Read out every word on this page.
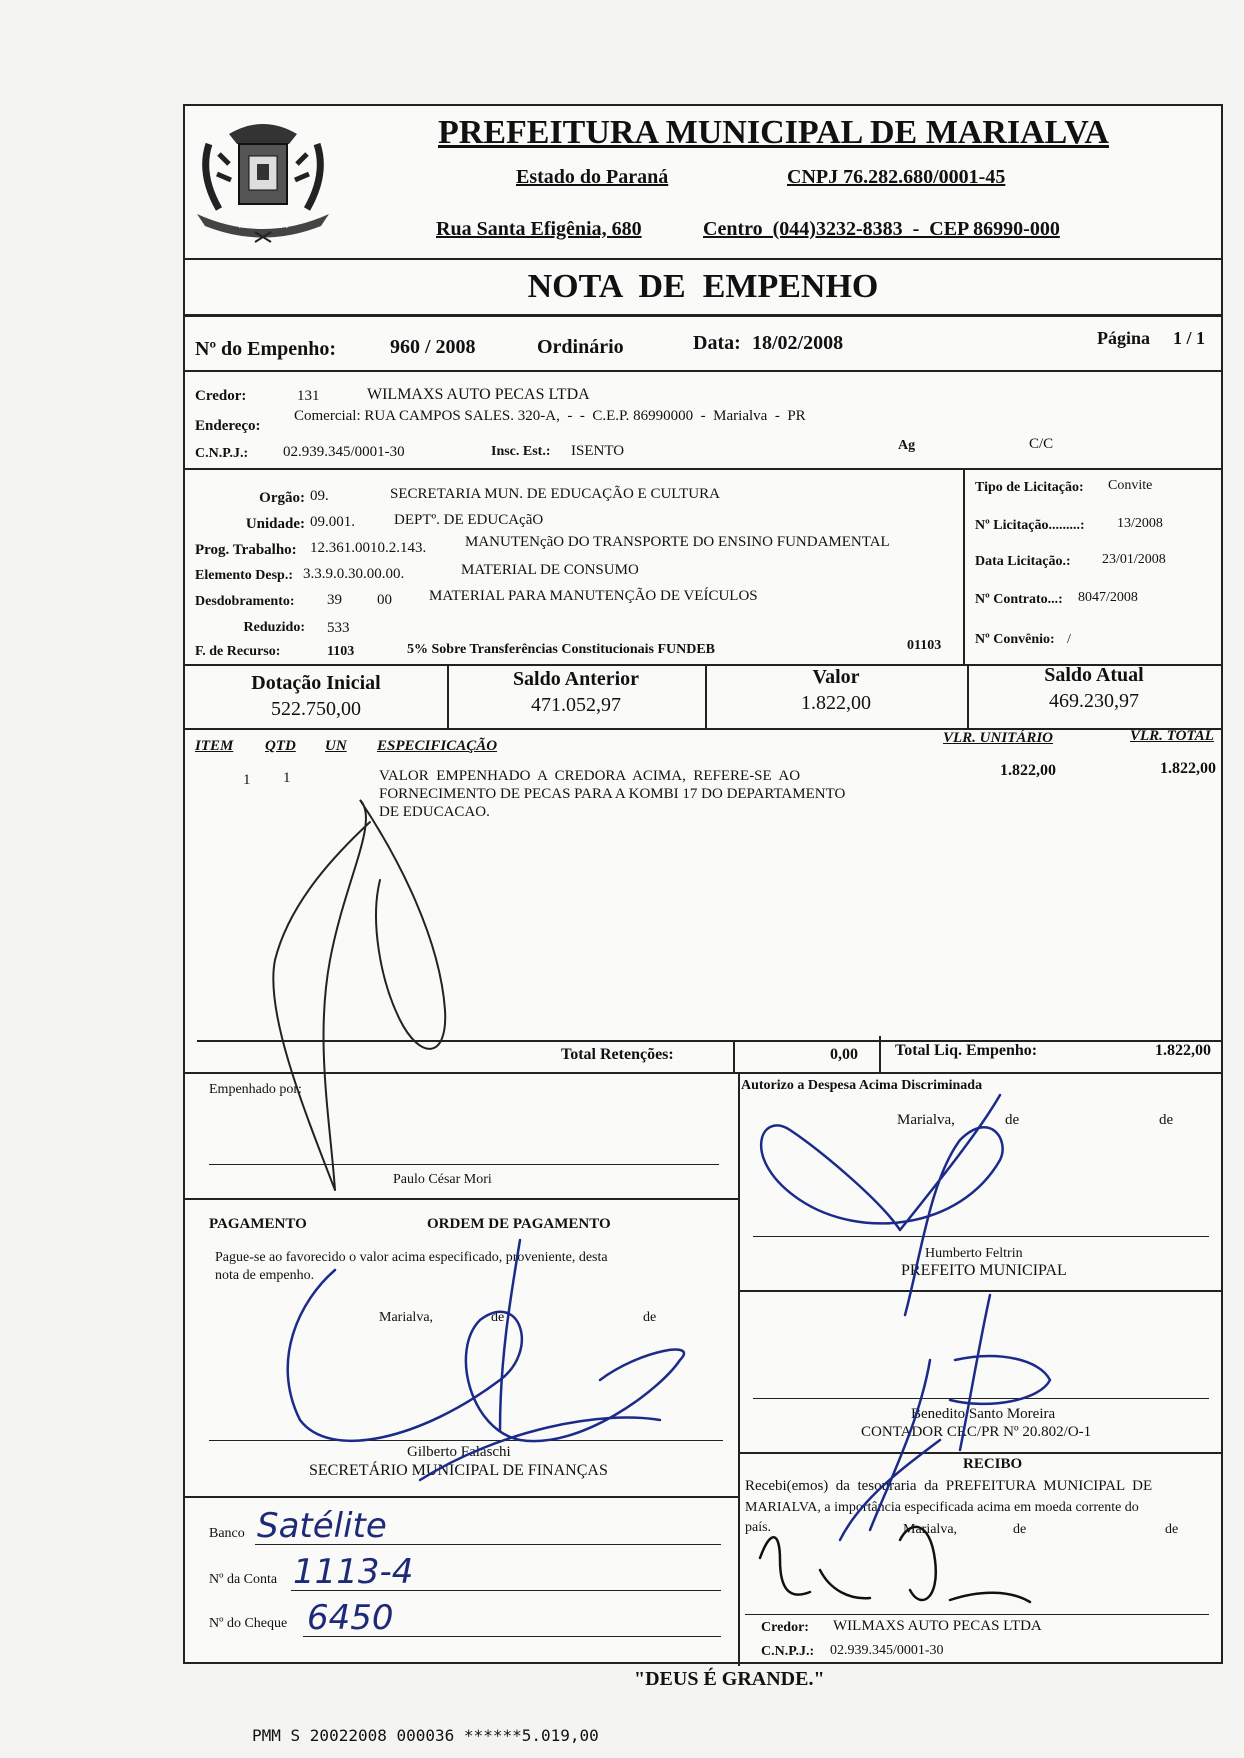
MARIALVA
PREFEITURA MUNICIPAL DE MARIALVA
Estado do Paraná	CNPJ 76.282.680/0001-45
Rua Santa Efigênia, 680	Centro  (044)3232-8383  -  CEP 86990-000
NOTA  DE  EMPENHO
Nº do Empenho:	960 / 2008	Ordinário	Data: 18/02/2008	Página 1 / 1
Credor:	131	WILMAXS AUTO PECAS LTDA
Endereço:
Comercial: RUA CAMPOS SALES. 320-A,  -  -  C.E.P. 86990000  -  Marialva  -  PR
C.N.P.J.: 02.939.345/0001-30	Insc. Est.: ISENTO	Ag	C/C
Orgão: 09.	SECRETARIA MUN. DE EDUCAÇÃO E CULTURA
Unidade: 09.001.	DEPTº. DE EDUCAçãO
Prog. Trabalho: 12.361.0010.2.143.	MANUTENçãO DO TRANSPORTE DO ENSINO FUNDAMENTAL
Elemento Desp.: 3.3.9.0.30.00.00.	MATERIAL DE CONSUMO
Desdobramento: 39 00 MATERIAL PARA MANUTENÇÃO DE VEÍCULOS
Reduzido: 533
F. de Recurso:	1103	5% Sobre Transferências Constitucionais FUNDEB	01103
Tipo de Licitação: Convite
Nº Licitação.........: 13/2008
Data Licitação.: 23/01/2008
Nº Contrato...: 8047/2008
Nº Convênio: /
Dotação Inicial
522.750,00
Saldo Anterior
471.052,97
Valor
1.822,00
Saldo Atual
469.230,97
ITEM QTD UN ESPECIFICAÇÃO	VLR. UNITÁRIO	VLR. TOTAL
1 1	VALOR  EMPENHADO  A  CREDORA  ACIMA,  REFERE-SE  AO
FORNECIMENTO DE PECAS PARA A KOMBI 17 DO DEPARTAMENTO
DE EDUCACAO.
1.822,00	1.822,00
Total Retenções:	0,00 Total Liq. Empenho:	1.822,00
Empenhado por:
Paulo César Mori
PAGAMENTO	ORDEM DE PAGAMENTO
Pague-se ao favorecido o valor acima especificado, proveniente, desta
nota de empenho.
Marialva,	de	de
Gilberto Falaschi
SECRETÁRIO MUNICIPAL DE FINANÇAS
Banco Satélite
Nº da Conta 1113-4
Nº do Cheque 6450
Autorizo a Despesa Acima Discriminada
Marialva,	de	de
Humberto Feltrin
PREFEITO MUNICIPAL
Benedito Santo Moreira
CONTADOR CRC/PR Nº 20.802/O-1
RECIBO
Recebi(emos)  da  tesouraria  da  PREFEITURA  MUNICIPAL  DE
MARIALVA, a importância especificada acima em moeda corrente do
país.	Marialva,	de	de
Credor: WILMAXS AUTO PECAS LTDA
C.N.P.J.: 02.939.345/0001-30
"DEUS É GRANDE."
PMM S 20022008 000036 ******5.019,00
